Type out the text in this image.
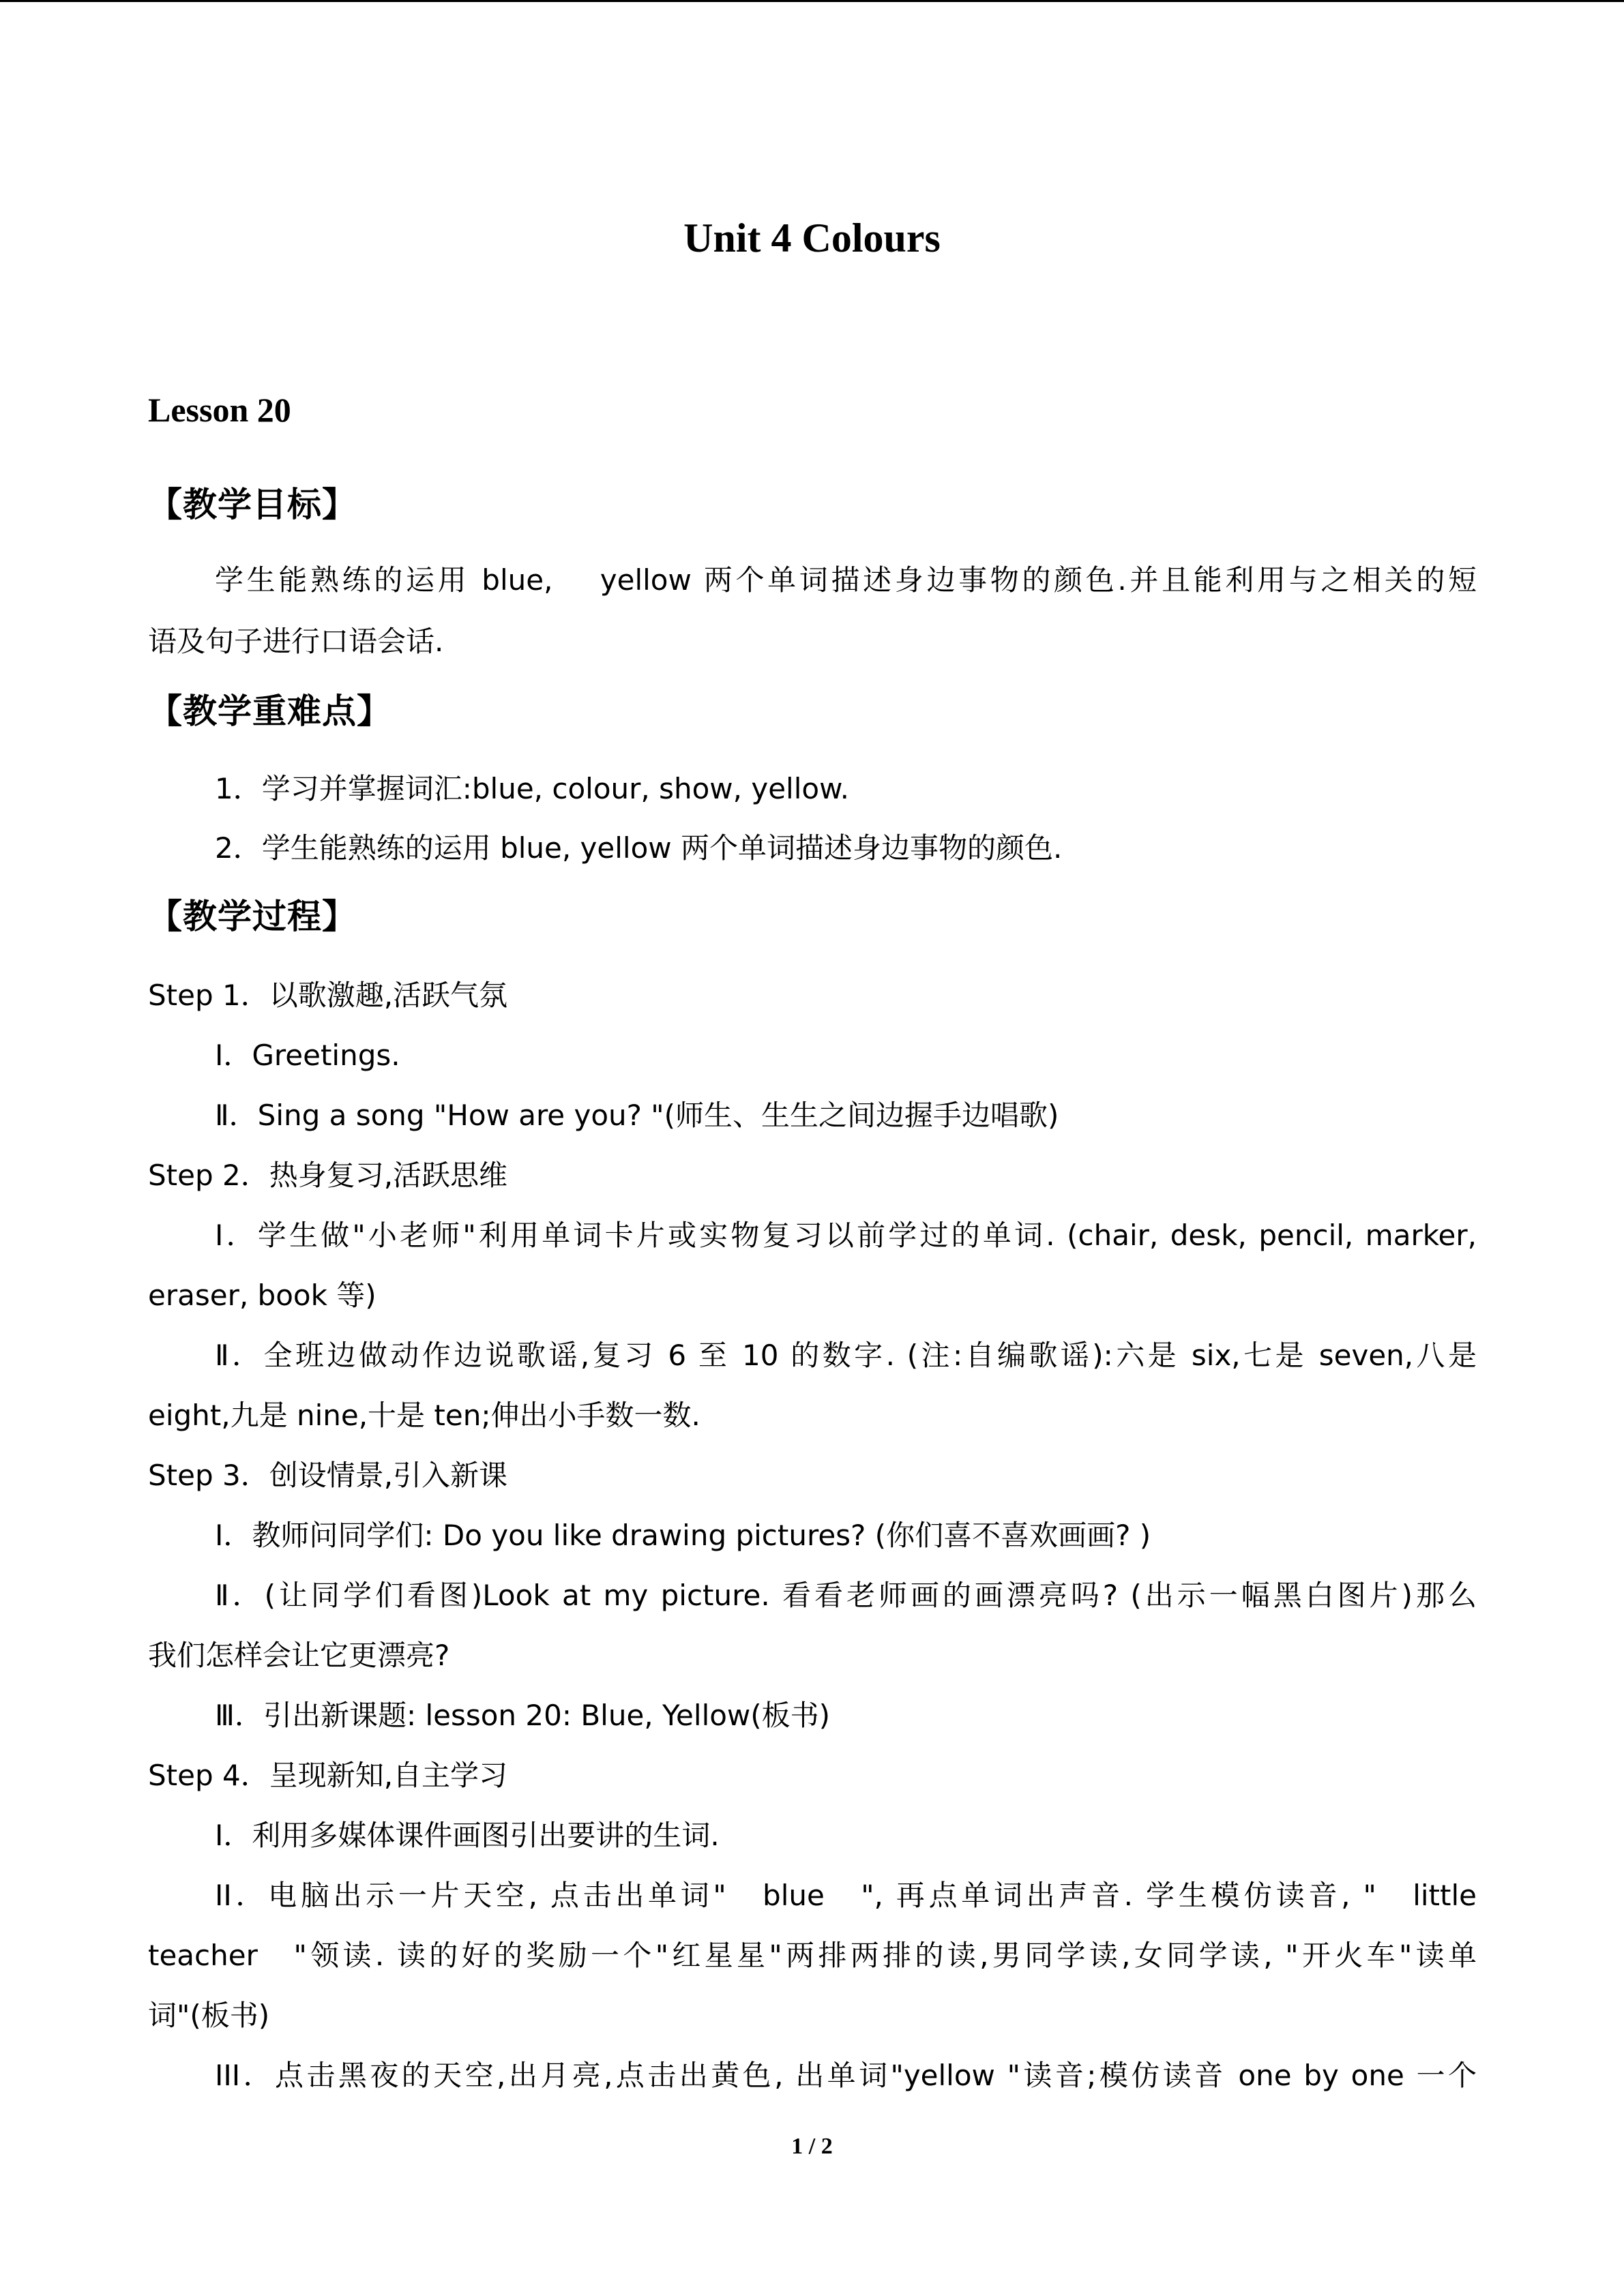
Unit 4 Colours
Lesson 20
【教学目标】
学生能熟练的运用 blue,　 yellow 两个单词描述身边事物的颜色.并且能利用与之相关的短
语及句子进行口语会话.
【教学重难点】
1．学习并掌握词汇:blue, colour, show, yellow.
2．学生能熟练的运用 blue, yellow 两个单词描述身边事物的颜色.
【教学过程】
Step 1．以歌激趣,活跃气氛
Ⅰ．Greetings.
Ⅱ．Sing a song "How are you? "(师生、生生之间边握手边唱歌)
Step 2．热身复习,活跃思维
Ⅰ．学生做"小老师"利用单词卡片或实物复习以前学过的单词. (chair, desk, pencil, marker,
eraser, book 等)
Ⅱ．全班边做动作边说歌谣,复习 6 至 10 的数字. (注:自编歌谣):六是 six,七是 seven,八是
eight,九是 nine,十是 ten;伸出小手数一数.
Step 3．创设情景,引入新课
Ⅰ．教师问同学们: Do you like drawing pictures? (你们喜不喜欢画画? )
Ⅱ．(让同学们看图)Look at my picture. 看看老师画的画漂亮吗? (出示一幅黑白图片)那么
我们怎样会让它更漂亮?
Ⅲ．引出新课题: lesson 20: Blue, Yellow(板书)
Step 4．呈现新知,自主学习
I．利用多媒体课件画图引出要讲的生词.
II．电脑出示一片天空, 点击出单词"　blue　", 再点单词出声音. 学生模仿读音, "　little
teacher　"领读. 读的好的奖励一个"红星星"两排两排的读,男同学读,女同学读, "开火车"读单
词"(板书)
III．点击黑夜的天空,出月亮,点击出黄色, 出单词"yellow "读音;模仿读音 one by one 一个
1 / 2
